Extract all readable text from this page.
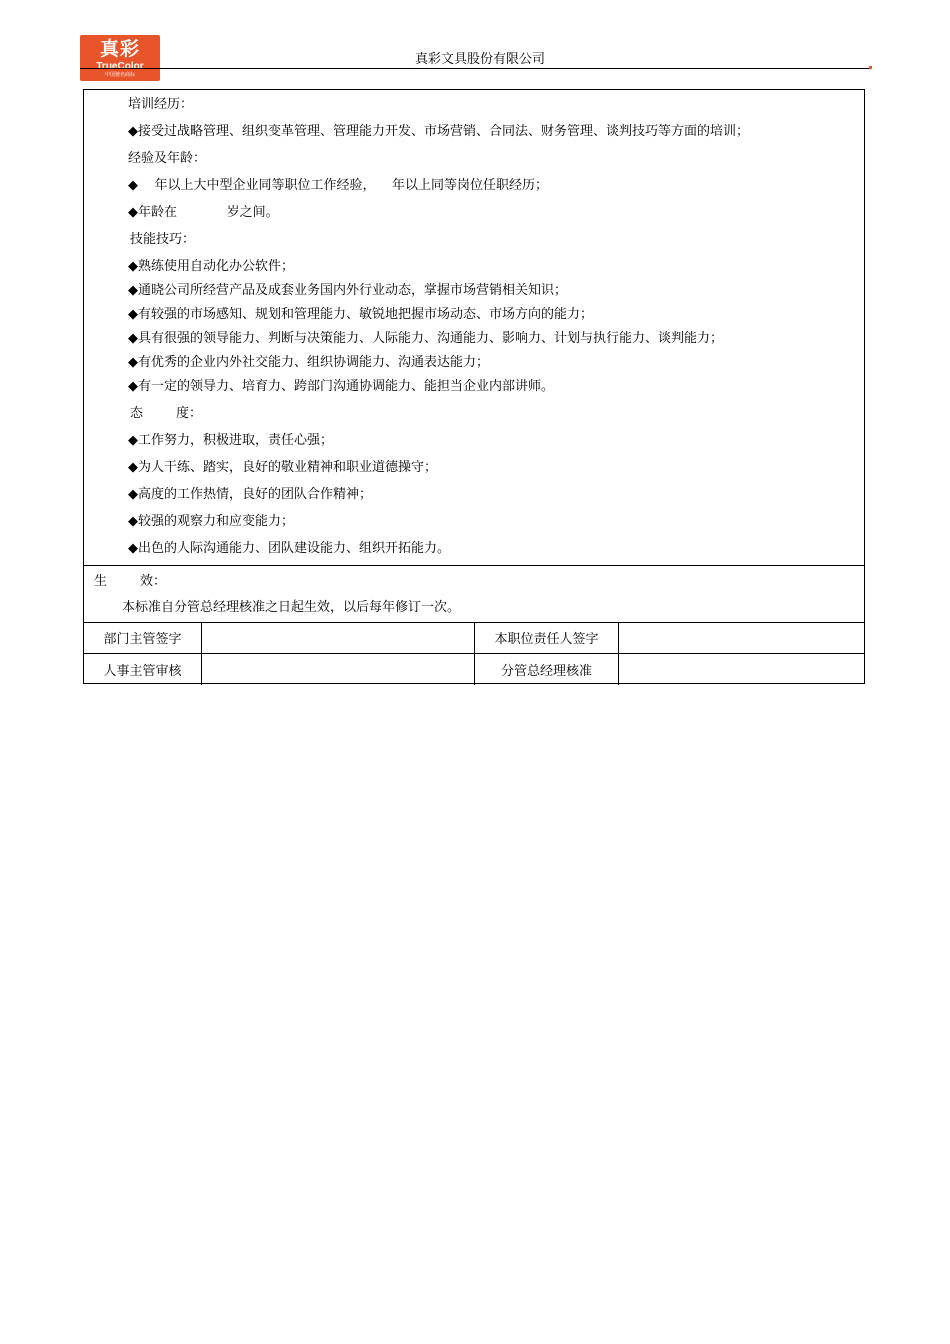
真彩
TrueColor
中国驰名商标
真彩文具股份有限公司
培训经历：
◆接受过战略管理、组织变革管理、管理能力开发、市场营销、合同法、财务管理、谈判技巧等方面的培训；
经验及年龄：
◆    年以上大中型企业同等职位工作经验，    年以上同等岗位任职经历；
◆年龄在            岁之间。
技能技巧：
◆熟练使用自动化办公软件；
◆通晓公司所经营产品及成套业务国内外行业动态，掌握市场营销相关知识；
◆有较强的市场感知、规划和管理能力、敏锐地把握市场动态、市场方向的能力；
◆具有很强的领导能力、判断与决策能力、人际能力、沟通能力、影响力、计划与执行能力、谈判能力；
◆有优秀的企业内外社交能力、组织协调能力、沟通表达能力；
◆有一定的领导力、培育力、跨部门沟通协调能力、能担当企业内部讲师。
态        度：
◆工作努力，积极进取，责任心强；
◆为人干练、踏实，良好的敬业精神和职业道德操守；
◆高度的工作热情，良好的团队合作精神；
◆较强的观察力和应变能力；
◆出色的人际沟通能力、团队建设能力、组织开拓能力。
生        效：
本标准自分管总经理核准之日起生效，以后每年修订一次。
部门主管签字	本职位责任人签字
人事主管审核	分管总经理核准
